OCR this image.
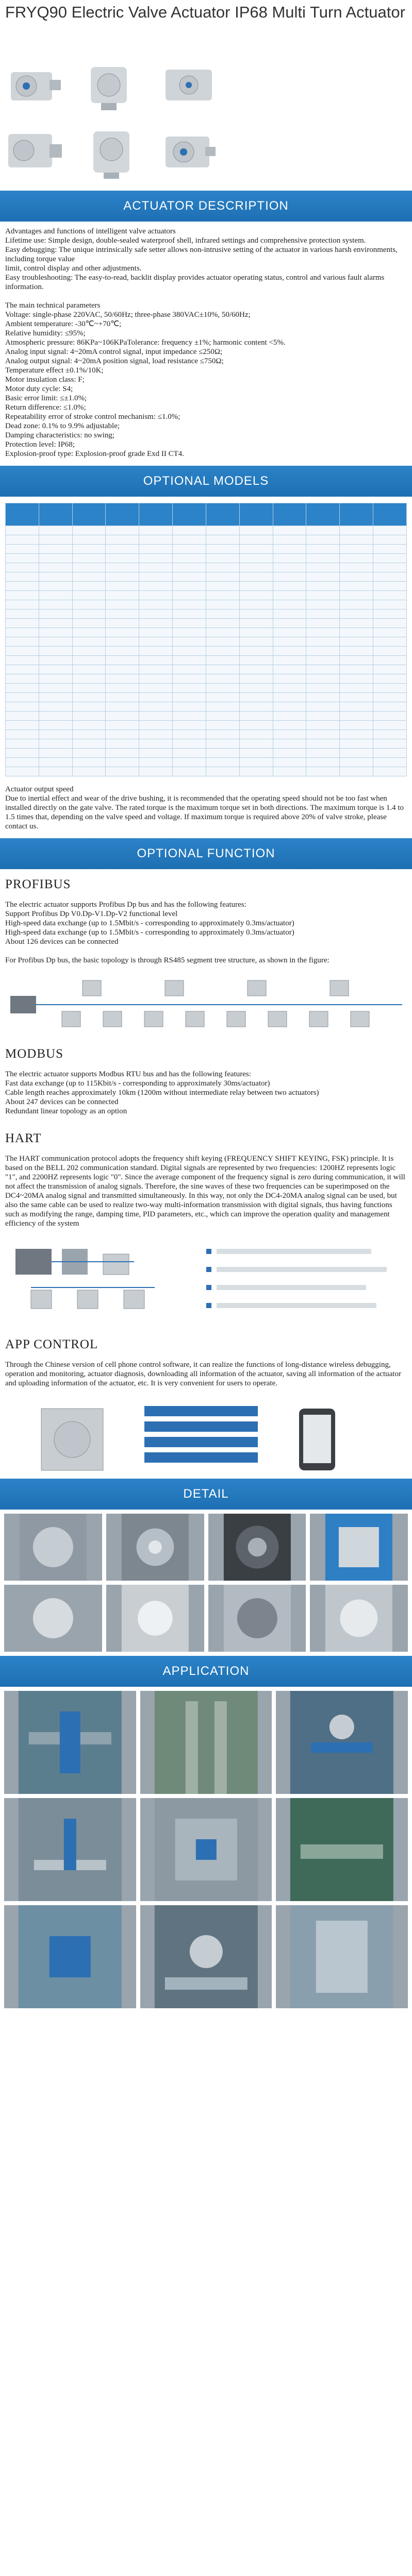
FRYQ90 Electric Valve Actuator IP68 Multi Turn Actuator
ACTUATOR DESCRIPTION

Advantages and functions of intelligent valve actuators

Lifetime use: Simple design, double-sealed waterproof shell, infrared settings and comprehensive protection system.

Easy debugging: The unique intrinsically safe setter allows non-intrusive setting of the actuator in various harsh environments, including torque value

limit, control display and other adjustments.

Easy troubleshooting: The easy-to-read, backlit display provides actuator operating status, control and various fault alarms information.

The main technical parameters

Voltage: single-phase 220VAC, 50/60Hz; three-phase 380VAC±10%, 50/60Hz;

Ambient temperature: -30℃~+70℃;

Relative humidity: ≤95%;

Atmospheric pressure: 86KPa~106KPaTolerance: frequency ±1%; harmonic content <5%.

Analog input signal: 4~20mA control signal, input impedance ≤250Ω;

Analog output signal: 4~20mA position signal, load resistance ≤750Ω;

Temperature effect ±0.1%/10K;

Motor insulation class: F;

Motor duty cycle: S4;

Basic error limit: ≤±1.0%;

Return difference: ≤1.0%;

Repeatability error of stroke control mechanism: ≤1.0%;

Dead zone: 0.1% to 9.9% adjustable;

Damping characteristics: no swing;

Protection level: IP68;

Explosion-proof type: Explosion-proof grade Exd II CT4.

OPTIONAL MODELS

Actuator output speed

Due to inertial effect and wear of the drive bushing, it is recommended that the operating speed should not be too fast when installed directly on the gate valve. The rated torque is the maximum torque set in both directions. The maximum torque is 1.4 to 1.5 times that, depending on the valve speed and voltage. If maximum torque is required above 20% of valve stroke, please contact us.

OPTIONAL FUNCTION
PROFIBUS

The electric actuator supports Profibus Dp bus and has the following features:

Support Profibus Dp V0.Dp-V1.Dp-V2 functional level

High-speed data exchange (up to 1.5Mbit/s - corresponding to approximately 0.3ms/actuator)

High-speed data exchange (up to 1.5Mbit/s - corresponding to approximately 0.3ms/actuator)

About 126 devices can be connected

For Profibus Dp bus, the basic topology is through RS485 segment tree structure, as shown in the figure:

MODBUS

The electric actuator supports Modbus RTU bus and has the following features:

Fast data exchange (up to 115Kbit/s - corresponding to approximately 30ms/actuator)

Cable length reaches approximately 10km (1200m without intermediate relay between two actuators)

About 247 devices can be connected

Redundant linear topology as an option

HART

The HART communication protocol adopts the frequency shift keying (FREQUENCY SHIFT KEYING, FSK) principle. It is based on the BELL 202 communication standard. Digital signals are represented by two frequencies: 1200HZ represents logic "1", and 2200HZ represents logic "0". Since the average component of the frequency signal is zero during communication, it will not affect the transmission of analog signals. Therefore, the sine waves of these two frequencies can be superimposed on the DC4~20MA analog signal and transmitted simultaneously. In this way, not only the DC4-20MA analog signal can be used, but also the same cable can be used to realize two-way multi-information transmission with digital signals, thus having functions such as modifying the range, damping time, PID parameters, etc., which can improve the operation quality and management efficiency of the system

APP CONTROL

Through the Chinese version of cell phone control software, it can realize the functions of long-distance wireless debugging, operation and monitoring, actuator diagnosis, downloading all information of the actuator, saving all information of the actuator and uploading information of the actuator, etc. It is very convenient for users to operate.

DETAIL
APPLICATION
